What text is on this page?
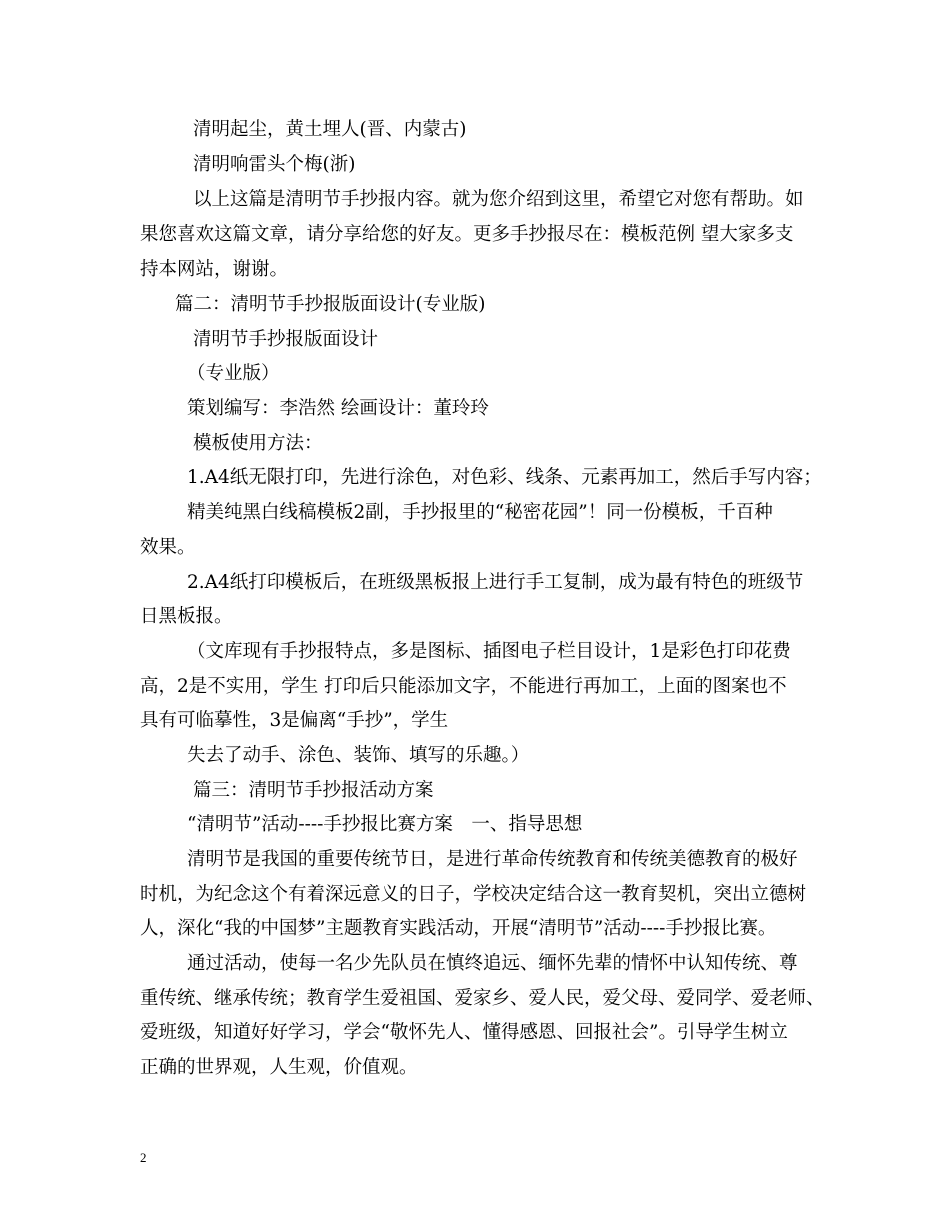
清明起尘，黄土埋人(晋、内蒙古)
清明响雷头个梅(浙)
以上这篇是清明节手抄报内容。就为您介绍到这里，希望它对您有帮助。如
果您喜欢这篇文章，请分享给您的好友。更多手抄报尽在：模板范例 望大家多支
持本网站，谢谢。
篇二：清明节手抄报版面设计(专业版)
清明节手抄报版面设计
（专业版）
策划编写：李浩然 绘画设计：董玲玲
模板使用方法：
1.A4纸无限打印，先进行涂色，对色彩、线条、元素再加工，然后手写内容；
精美纯黑白线稿模板2副，手抄报里的“秘密花园”！同一份模板，千百种
效果。
2.A4纸打印模板后，在班级黑板报上进行手工复制，成为最有特色的班级节
日黑板报。
（文库现有手抄报特点，多是图标、插图电子栏目设计，1是彩色打印花费
高，2是不实用，学生 打印后只能添加文字，不能进行再加工，上面的图案也不
具有可临摹性，3是偏离“手抄”，学生
失去了动手、涂色、装饰、填写的乐趣。）
篇三：清明节手抄报活动方案
“清明节”活动----手抄报比赛方案　一、指导思想
清明节是我国的重要传统节日，是进行革命传统教育和传统美德教育的极好
时机，为纪念这个有着深远意义的日子，学校决定结合这一教育契机，突出立德树
人，深化“我的中国梦”主题教育实践活动，开展“清明节”活动----手抄报比赛。
通过活动，使每一名少先队员在慎终追远、缅怀先辈的情怀中认知传统、尊
重传统、继承传统；教育学生爱祖国、爱家乡、爱人民，爱父母、爱同学、爱老师、
爱班级，知道好好学习，学会“敬怀先人、懂得感恩、回报社会”。引导学生树立
正确的世界观，人生观，价值观。
2
